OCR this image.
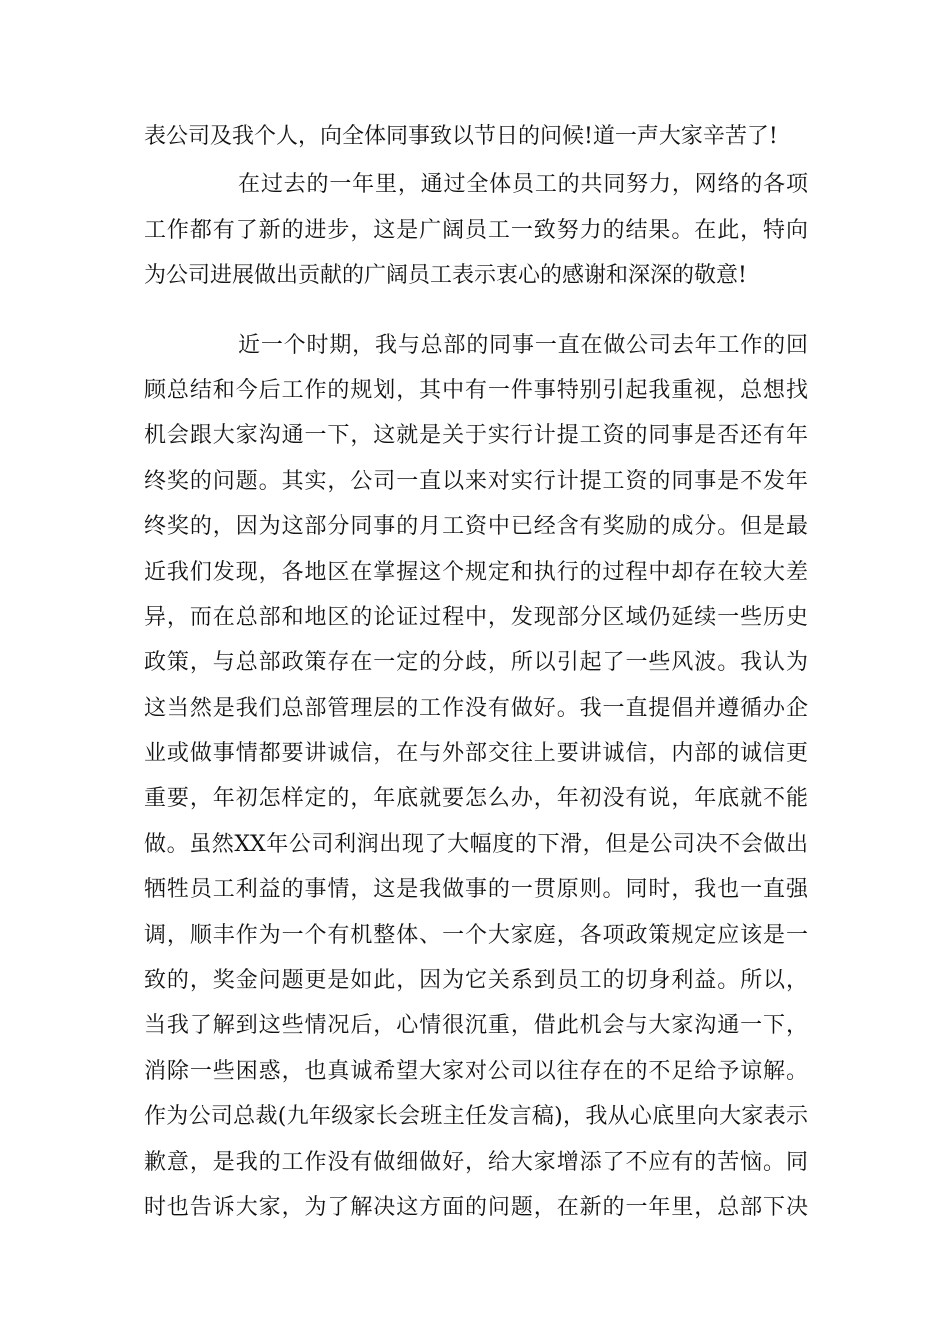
表公司及我个人，向全体同事致以节日的问候!道一声大家辛苦了!
在过去的一年里，通过全体员工的共同努力，网络的各项
工作都有了新的进步，这是广阔员工一致努力的结果。在此，特向
为公司进展做出贡献的广阔员工表示衷心的感谢和深深的敬意!
近一个时期，我与总部的同事一直在做公司去年工作的回
顾总结和今后工作的规划，其中有一件事特别引起我重视，总想找
机会跟大家沟通一下，这就是关于实行计提工资的同事是否还有年
终奖的问题。其实，公司一直以来对实行计提工资的同事是不发年
终奖的，因为这部分同事的月工资中已经含有奖励的成分。但是最
近我们发现，各地区在掌握这个规定和执行的过程中却存在较大差
异，而在总部和地区的论证过程中，发现部分区域仍延续一些历史
政策，与总部政策存在一定的分歧，所以引起了一些风波。我认为
这当然是我们总部管理层的工作没有做好。我一直提倡并遵循办企
业或做事情都要讲诚信，在与外部交往上要讲诚信，内部的诚信更
重要，年初怎样定的，年底就要怎么办，年初没有说，年底就不能
做。虽然XX年公司利润出现了大幅度的下滑，但是公司决不会做出
牺牲员工利益的事情，这是我做事的一贯原则。同时，我也一直强
调，顺丰作为一个有机整体、一个大家庭，各项政策规定应该是一
致的，奖金问题更是如此，因为它关系到员工的切身利益。所以，
当我了解到这些情况后，心情很沉重，借此机会与大家沟通一下，
消除一些困惑，也真诚希望大家对公司以往存在的不足给予谅解。
作为公司总裁(九年级家长会班主任发言稿)，我从心底里向大家表示
歉意，是我的工作没有做细做好，给大家增添了不应有的苦恼。同
时也告诉大家，为了解决这方面的问题，在新的一年里，总部下决
